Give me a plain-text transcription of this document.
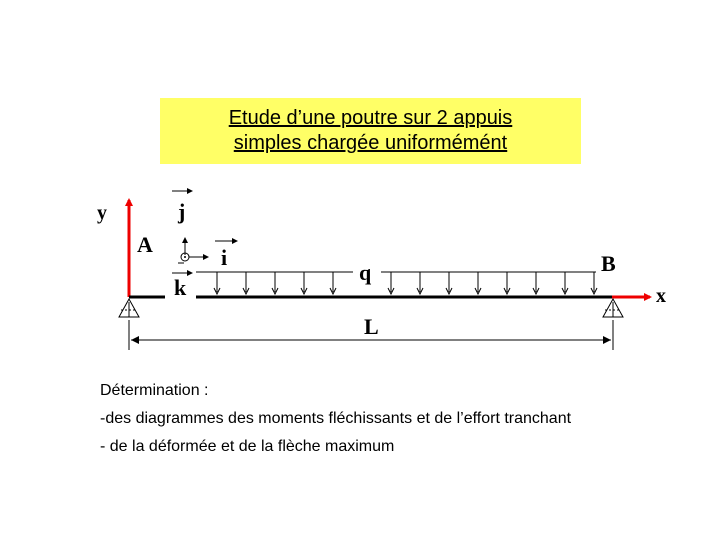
Etude d’une poutre sur 2 appuis
simples chargée uniformémént
y
x
j
A
i
k
q	B
L
Détermination :
-des diagrammes des moments fléchissants et de l’effort tranchant
- de la déformée et de la flèche maximum
